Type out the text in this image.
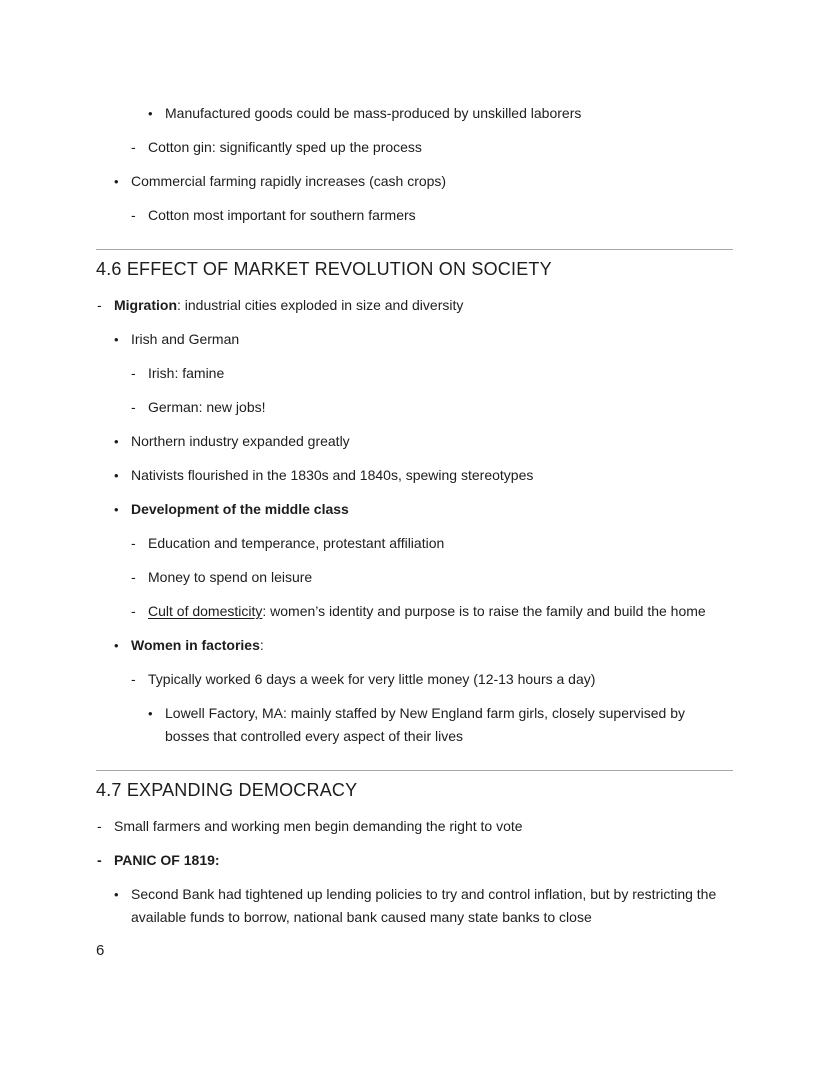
• Manufactured goods could be mass-produced by unskilled laborers
- Cotton gin: significantly sped up the process
• Commercial farming rapidly increases (cash crops)
- Cotton most important for southern farmers
4.6 EFFECT OF MARKET REVOLUTION ON SOCIETY
- Migration: industrial cities exploded in size and diversity
• Irish and German
- Irish: famine
- German: new jobs!
• Northern industry expanded greatly
• Nativists flourished in the 1830s and 1840s, spewing stereotypes
• Development of the middle class
- Education and temperance, protestant affiliation
- Money to spend on leisure
- Cult of domesticity: women’s identity and purpose is to raise the family and build the home
• Women in factories:
- Typically worked 6 days a week for very little money (12-13 hours a day)
• Lowell Factory, MA: mainly staffed by New England farm girls, closely supervised by bosses that controlled every aspect of their lives
4.7 EXPANDING DEMOCRACY
- Small farmers and working men begin demanding the right to vote
- PANIC OF 1819:
• Second Bank had tightened up lending policies to try and control inflation, but by restricting the available funds to borrow, national bank caused many state banks to close
6
